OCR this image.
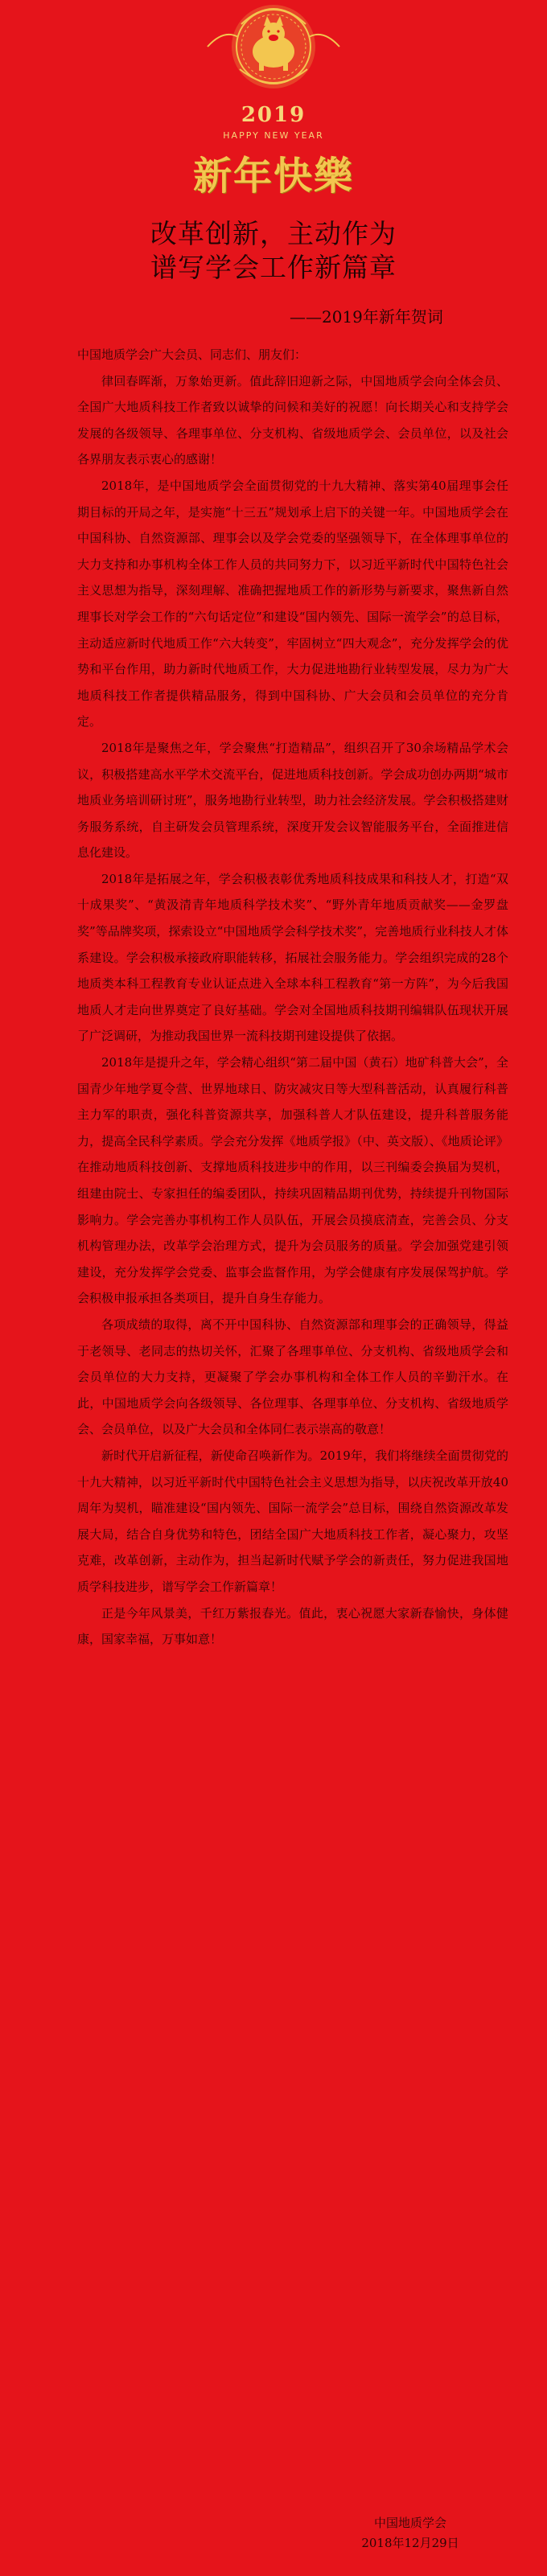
2019
HAPPY NEW YEAR
新年快樂
改革创新，主动作为
谱写学会工作新篇章
——2019年新年贺词

中国地质学会广大会员、同志们、朋友们：

律回春晖渐，万象始更新。值此辞旧迎新之际，中国地质学会向全体会员、全国广大地质科技工作者致以诚挚的问候和美好的祝愿！向长期关心和支持学会发展的各级领导、各理事单位、分支机构、省级地质学会、会员单位，以及社会各界朋友表示衷心的感谢！

2018年，是中国地质学会全面贯彻党的十九大精神、落实第40届理事会任期目标的开局之年，是实施“十三五”规划承上启下的关键一年。中国地质学会在中国科协、自然资源部、理事会以及学会党委的坚强领导下，在全体理事单位的大力支持和办事机构全体工作人员的共同努力下，以习近平新时代中国特色社会主义思想为指导，深刻理解、准确把握地质工作的新形势与新要求，聚焦新自然理事长对学会工作的“六句话定位”和建设“国内领先、国际一流学会”的总目标，主动适应新时代地质工作“六大转变”，牢固树立“四大观念”，充分发挥学会的优势和平台作用，助力新时代地质工作，大力促进地勘行业转型发展，尽力为广大地质科技工作者提供精品服务，得到中国科协、广大会员和会员单位的充分肯定。

2018年是聚焦之年，学会聚焦“打造精品”，组织召开了30余场精品学术会议，积极搭建高水平学术交流平台，促进地质科技创新。学会成功创办两期“城市地质业务培训研讨班”，服务地勘行业转型，助力社会经济发展。学会积极搭建财务服务系统，自主研发会员管理系统，深度开发会议智能服务平台，全面推进信息化建设。

2018年是拓展之年，学会积极表彰优秀地质科技成果和科技人才，打造“双十成果奖”、“黄汲清青年地质科学技术奖”、“野外青年地质贡献奖——金罗盘奖”等品牌奖项，探索设立“中国地质学会科学技术奖”，完善地质行业科技人才体系建设。学会积极承接政府职能转移，拓展社会服务能力。学会组织完成的28个地质类本科工程教育专业认证点进入全球本科工程教育“第一方阵”，为今后我国地质人才走向世界奠定了良好基础。学会对全国地质科技期刊编辑队伍现状开展了广泛调研，为推动我国世界一流科技期刊建设提供了依据。

2018年是提升之年，学会精心组织“第二届中国（黄石）地矿科普大会”，全国青少年地学夏令营、世界地球日、防灾减灾日等大型科普活动，认真履行科普主力军的职责，强化科普资源共享，加强科普人才队伍建设，提升科普服务能力，提高全民科学素质。学会充分发挥《地质学报》（中、英文版）、《地质论评》在推动地质科技创新、支撑地质科技进步中的作用，以三刊编委会换届为契机，组建由院士、专家担任的编委团队，持续巩固精品期刊优势，持续提升刊物国际影响力。学会完善办事机构工作人员队伍，开展会员摸底清查，完善会员、分支机构管理办法，改革学会治理方式，提升为会员服务的质量。学会加强党建引领建设，充分发挥学会党委、监事会监督作用，为学会健康有序发展保驾护航。学会积极申报承担各类项目，提升自身生存能力。

各项成绩的取得，离不开中国科协、自然资源部和理事会的正确领导，得益于老领导、老同志的热切关怀，汇聚了各理事单位、分支机构、省级地质学会和会员单位的大力支持，更凝聚了学会办事机构和全体工作人员的辛勤汗水。在此，中国地质学会向各级领导、各位理事、各理事单位、分支机构、省级地质学会、会员单位，以及广大会员和全体同仁表示崇高的敬意！

新时代开启新征程，新使命召唤新作为。2019年，我们将继续全面贯彻党的十九大精神，以习近平新时代中国特色社会主义思想为指导，以庆祝改革开放40周年为契机，瞄准建设“国内领先、国际一流学会”总目标，围绕自然资源改革发展大局，结合自身优势和特色，团结全国广大地质科技工作者，凝心聚力，攻坚克难，改革创新，主动作为，担当起新时代赋予学会的新责任，努力促进我国地质学科技进步，谱写学会工作新篇章！

正是今年风景美，千红万紫报春光。值此，衷心祝愿大家新春愉快，身体健康，国家幸福，万事如意！

中国地质学会
2018年12月29日
